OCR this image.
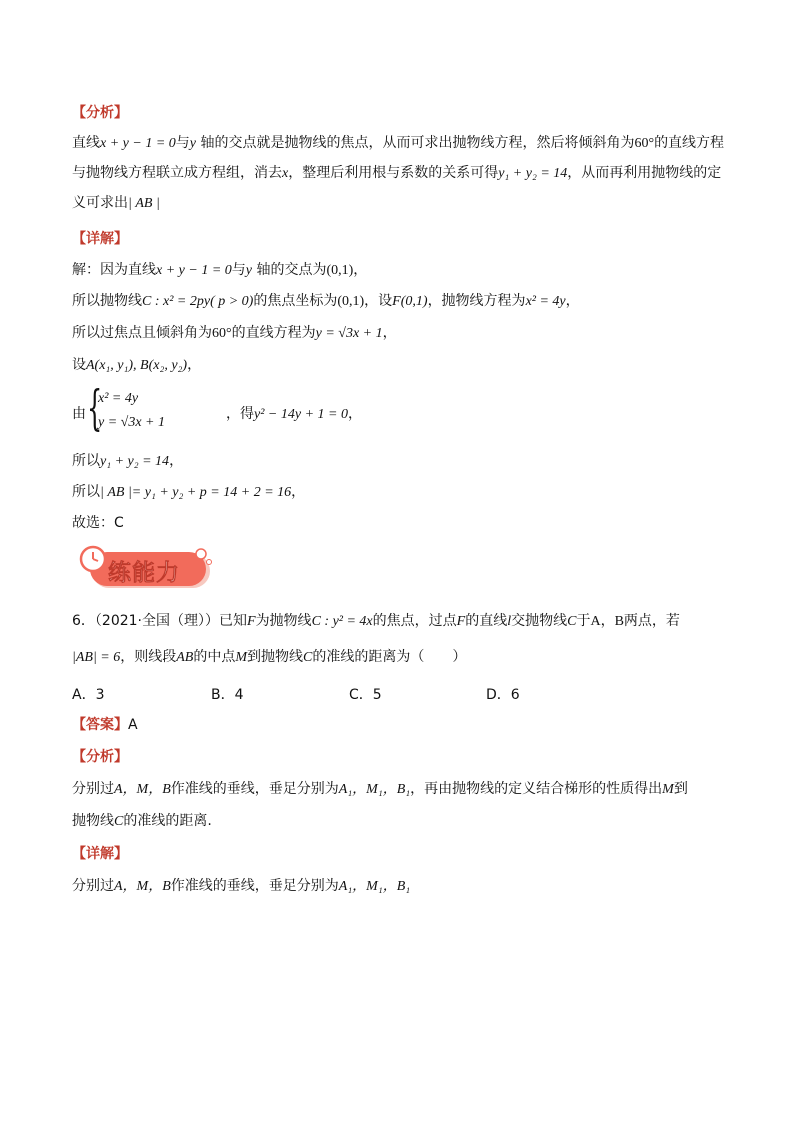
【分析】
直线x + y − 1 = 0与y 轴的交点就是抛物线的焦点，从而可求出抛物线方程，然后将倾斜角为60°的直线方程
与抛物线方程联立成方程组，消去x，整理后利用根与系数的关系可得y₁ + y₂ = 14，从而再利用抛物线的定
义可求出| AB |
【详解】
解：因为直线x + y − 1 = 0与y 轴的交点为(0,1)，
所以抛物线C : x² = 2py( p > 0)的焦点坐标为(0,1)，设F(0,1)，抛物线方程为x² = 4y，
所以过焦点且倾斜角为60°的直线方程为y = √3x + 1，
设A(x₁, y₁), B(x₂, y₂)，
由 {
x² = 4y
y = √3x + 1
，得y² − 14y + 1 = 0，
所以y₁ + y₂ = 14，
所以| AB |= y₁ + y₂ + p = 14 + 2 = 16，
故选：C
练能力
6．（2021·全国（理））已知F为抛物线C : y² = 4x的焦点，过点F的直线l交抛物线C于A，B两点，若
|AB| = 6，则线段AB的中点M到抛物线C的准线的距离为（　　）
A．3	B．4	C．5	D．6
【答案】A
【分析】
分别过A，M，B作准线的垂线，垂足分别为A₁，M₁，B₁，再由抛物线的定义结合梯形的性质得出M到
抛物线C的准线的距离.
【详解】
分别过A，M，B作准线的垂线，垂足分别为A₁，M₁，B₁
